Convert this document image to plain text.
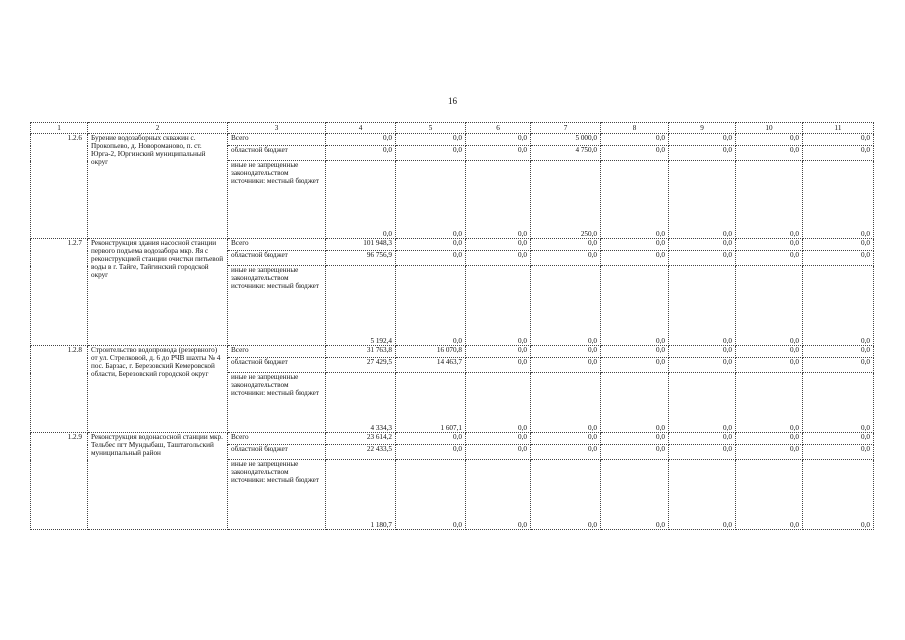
16
1	2	3	4	5	6	7	8	9	10	11
1.2.6	Бурение водозаборных скважин с. Прокопьево, д. Новороманово, п. ст. Юрга-2, Юргинский муниципальный округ	Всего	0,0	0,0	0,0	5 000,0	0,0	0,0	0,0	0,0
		областной бюджет	0,0	0,0	0,0	4 750,0	0,0	0,0	0,0	0,0
		иные не запрещенные законодательством источники: местный бюджет	0,0	0,0	0,0	250,0	0,0	0,0	0,0	0,0
1.2.7	Реконструкция здания насосной станции первого подъема водозабора мкр. Яя с реконструкцией станции очистки питьевой воды в г. Тайге, Тайгинский городской округ	Всего	101 948,3	0,0	0,0	0,0	0,0	0,0	0,0	0,0
		областной бюджет	96 756,9	0,0	0,0	0,0	0,0	0,0	0,0	0,0
		иные не запрещенные законодательством источники: местный бюджет	5 192,4	0,0	0,0	0,0	0,0	0,0	0,0	0,0
1.2.8	Строительство водопровода (резервного) от ул. Стрелковой, д. 6 до РЧВ шахты № 4 пос. Барзас, г. Березовский Кемеровской области, Березовский городской округ	Всего	31 763,8	16 070,8	0,0	0,0	0,0	0,0	0,0	0,0
		областной бюджет	27 429,5	14 463,7	0,0	0,0	0,0	0,0	0,0	0,0
		иные не запрещенные законодательством источники: местный бюджет	4 334,3	1 607,1	0,0	0,0	0,0	0,0	0,0	0,0
1.2.9	Реконструкция водонасосной станции мкр. Тельбес пгт Мундыбаш, Таштагольский муниципальный район	Всего	23 614,2	0,0	0,0	0,0	0,0	0,0	0,0	0,0
		областной бюджет	22 433,5	0,0	0,0	0,0	0,0	0,0	0,0	0,0
		иные не запрещенные законодательством источники: местный бюджет	1 180,7	0,0	0,0	0,0	0,0	0,0	0,0	0,0
